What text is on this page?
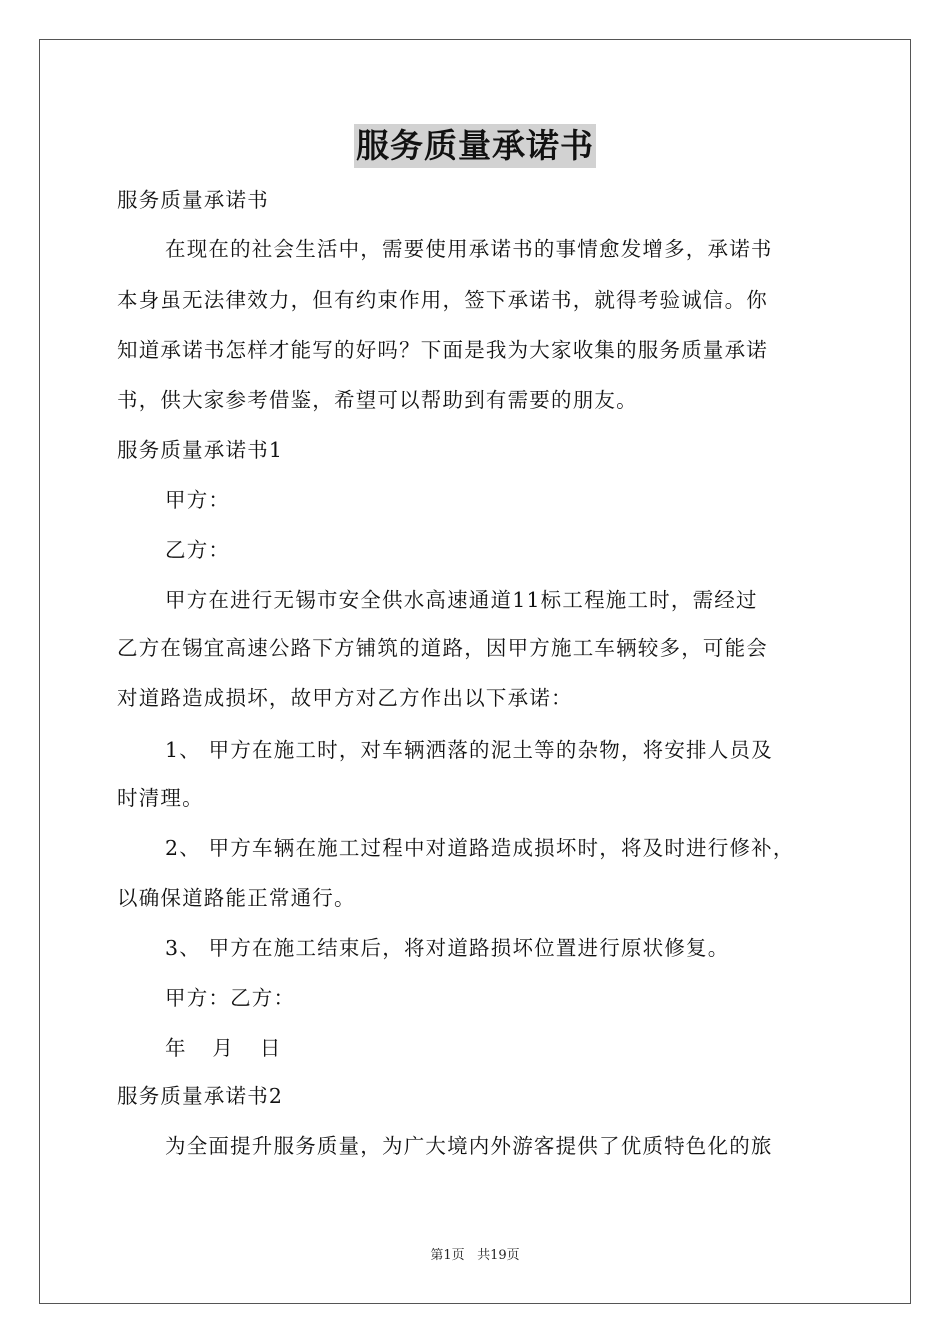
服务质量承诺书
服务质量承诺书
在现在的社会生活中，需要使用承诺书的事情愈发增多，承诺书
本身虽无法律效力，但有约束作用，签下承诺书，就得考验诚信。你
知道承诺书怎样才能写的好吗？下面是我为大家收集的服务质量承诺
书，供大家参考借鉴，希望可以帮助到有需要的朋友。
服务质量承诺书1
甲方：
乙方：
甲方在进行无锡市安全供水高速通道11标工程施工时，需经过
乙方在锡宜高速公路下方铺筑的道路，因甲方施工车辆较多，可能会
对道路造成损坏，故甲方对乙方作出以下承诺：
1、 甲方在施工时，对车辆洒落的泥土等的杂物，将安排人员及
时清理。
2、 甲方车辆在施工过程中对道路造成损坏时，将及时进行修补，
以确保道路能正常通行。
3、 甲方在施工结束后，将对道路损坏位置进行原状修复。
甲方：乙方：
年 月 日
服务质量承诺书2
为全面提升服务质量，为广大境内外游客提供了优质特色化的旅
第1页 共19页
